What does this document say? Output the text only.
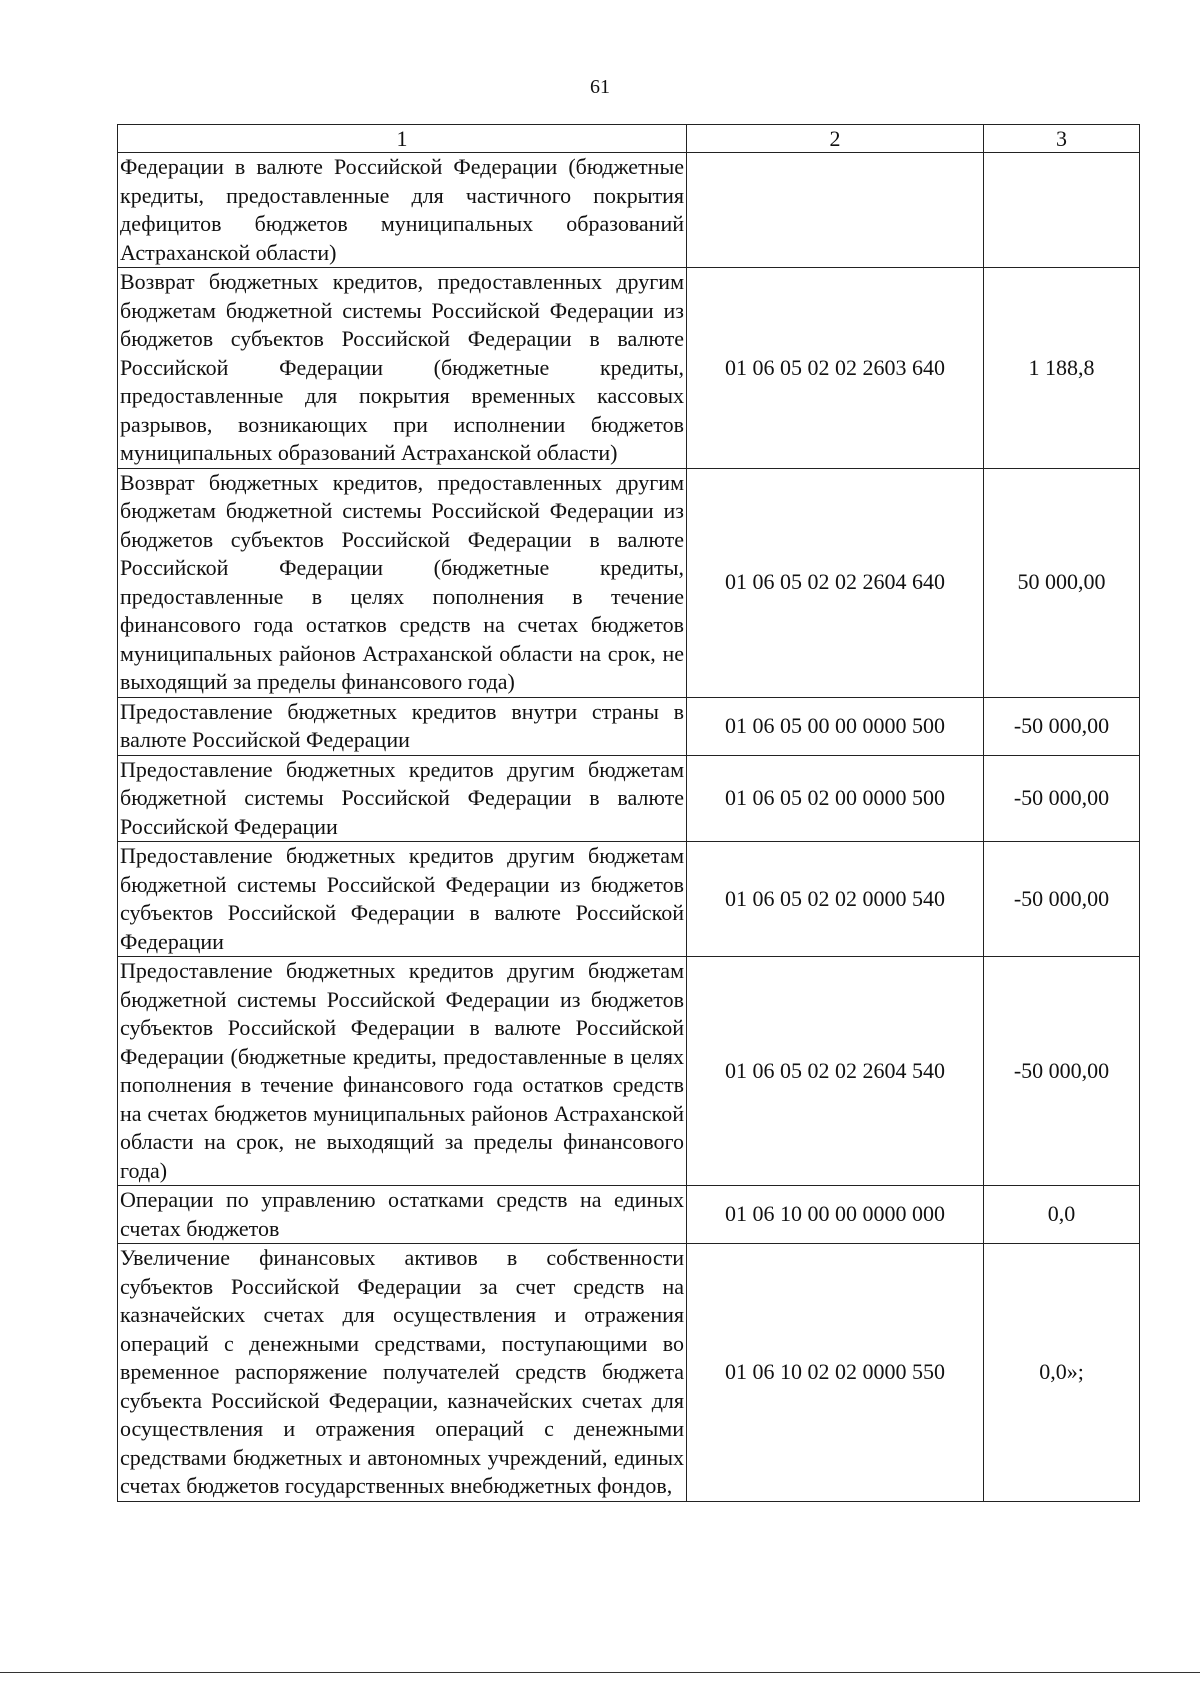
61
1	2	3
Федерации в валюте Российской Федерации (бюджетные кредиты, предоставленные для частичного покрытия дефицитов бюджетов муниципальных образований Астраханской области)		
Возврат бюджетных кредитов, предоставленных другим бюджетам бюджетной системы Российской Федерации из бюджетов субъектов Российской Федерации в валюте Российской Федерации (бюджетные кредиты, предоставленные для покрытия временных кассовых разрывов, возникающих при исполнении бюджетов муниципальных образований Астраханской области)	01 06 05 02 02 2603 640	1 188,8
Возврат бюджетных кредитов, предоставленных другим бюджетам бюджетной системы Российской Федерации из бюджетов субъектов Российской Федерации в валюте Российской Федерации (бюджетные кредиты, предоставленные в целях пополнения в течение финансового года остатков средств на счетах бюджетов муниципальных районов Астраханской области на срок, не выходящий за пределы финансового года)	01 06 05 02 02 2604 640	50 000,00
Предоставление бюджетных кредитов внутри страны в валюте Российской Федерации	01 06 05 00 00 0000 500	-50 000,00
Предоставление бюджетных кредитов другим бюджетам бюджетной системы Российской Федерации в валюте Российской Федерации	01 06 05 02 00 0000 500	-50 000,00
Предоставление бюджетных кредитов другим бюджетам бюджетной системы Российской Федерации из бюджетов субъектов Российской Федерации в валюте Российской Федерации	01 06 05 02 02 0000 540	-50 000,00
Предоставление бюджетных кредитов другим бюджетам бюджетной системы Российской Федерации из бюджетов субъектов Российской Федерации в валюте Российской Федерации (бюджетные кредиты, предоставленные в целях пополнения в течение финансового года остатков средств на счетах бюджетов муниципальных районов Астраханской области на срок, не выходящий за пределы финансового года)	01 06 05 02 02 2604 540	-50 000,00
Операции по управлению остатками средств на единых счетах бюджетов	01 06 10 00 00 0000 000	0,0
Увеличение финансовых активов в собственности субъектов Российской Федерации за счет средств на казначейских счетах для осуществления и отражения операций с денежными средствами, поступающими во временное распоряжение получателей средств бюджета субъекта Российской Федерации, казначейских счетах для осуществления и отражения операций с денежными средствами бюджетных и автономных учреждений, единых счетах бюджетов государственных внебюджетных фондов,	01 06 10 02 02 0000 550	0,0»;
